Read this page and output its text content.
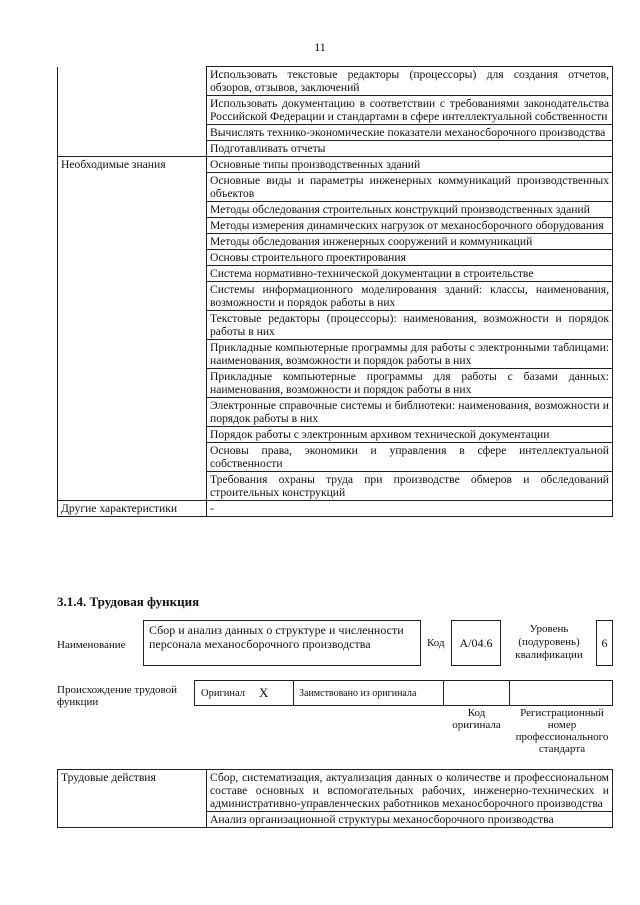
11
	Использовать текстовые редакторы (процессоры) для создания отчетов, обзоров, отзывов, заключений
	Использовать документацию в соответствии с требованиями законодательства Российской Федерации и стандартами в сфере интеллектуальной собственности
	Вычислять технико-экономические показатели механосборочного производства
	Подготавливать отчеты
Необходимые знания	Основные типы производственных зданий
	Основные виды и параметры инженерных коммуникаций производственных объектов
	Методы обследования строительных конструкций производственных зданий
	Методы измерения динамических нагрузок от механосборочного оборудования
	Методы обследования инженерных сооружений и коммуникаций
	Основы строительного проектирования
	Система нормативно-технической документации в строительстве
	Системы информационного моделирования зданий: классы, наименования, возможности и порядок работы в них
	Текстовые редакторы (процессоры): наименования, возможности и порядок работы в них
	Прикладные компьютерные программы для работы с электронными таблицами: наименования, возможности и порядок работы в них
	Прикладные компьютерные программы для работы с базами данных: наименования, возможности и порядок работы в них
	Электронные справочные системы и библиотеки: наименования, возможности и порядок работы в них
	Порядок работы с электронным архивом технической документации
	Основы права, экономики и управления в сфере интеллектуальной собственности
	Требования охраны труда при производстве обмеров и обследований строительных конструкций
Другие характеристики	-
3.1.4. Трудовая функция
Наименование
Сбор и анализ данных о структуре и численности персонала механосборочного производства	Код	A/04.6
Уровень (подуровень) квалификации
6
Происхождение трудовой функции
Оригинал X	Заимствовано из оригинала
Код оригинала
Регистрационный номер профессионального стандарта
Трудовые действия	Сбор, систематизация, актуализация данных о количестве и профессиональном составе основных и вспомогательных рабочих, инженерно-технических и административно-управленческих работников механосборочного производства
Анализ организационной структуры механосборочного производства
